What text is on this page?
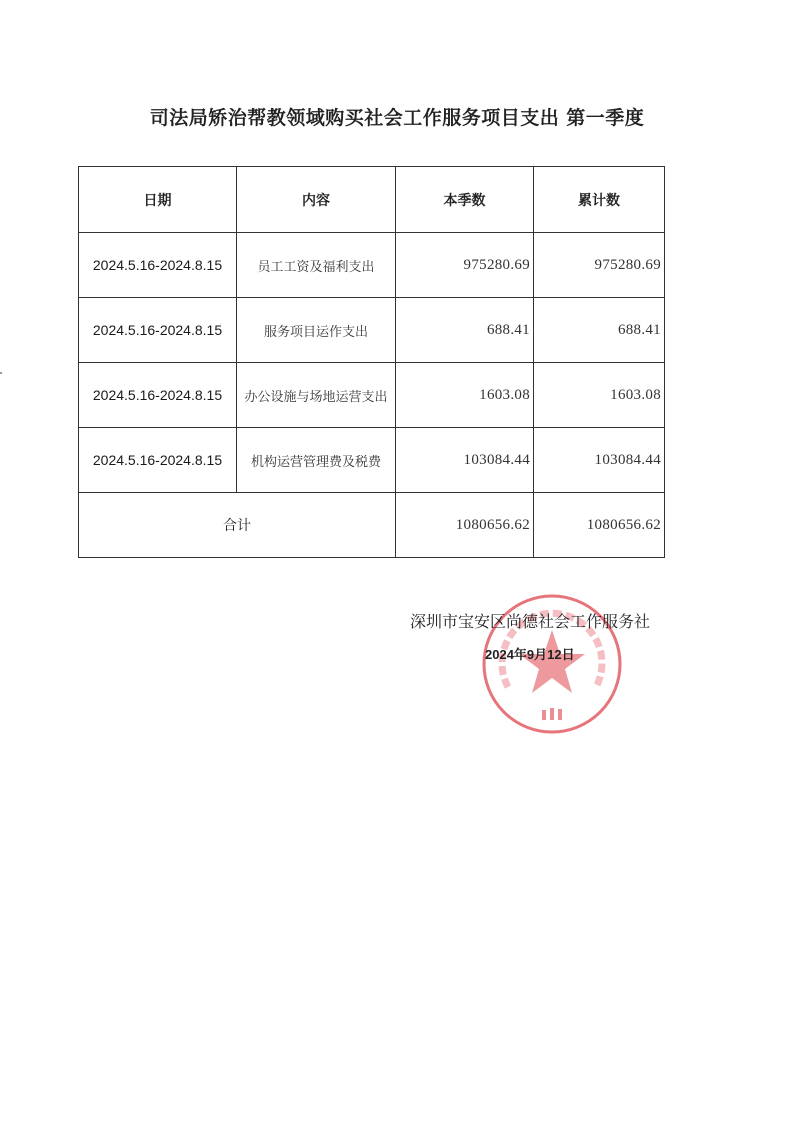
司法局矫治帮教领域购买社会工作服务项目支出 第一季度
日期	内容	本季数	累计数
2024.5.16-2024.8.15	员工工资及福利支出	975280.69	975280.69
2024.5.16-2024.8.15	服务项目运作支出	688.41	688.41
2024.5.16-2024.8.15	办公设施与场地运营支出	1603.08	1603.08
2024.5.16-2024.8.15	机构运营管理费及税费	103084.44	103084.44
合计		1080656.62	1080656.62
深圳市宝安区尚德社会工作服务社
2024年9月12日
